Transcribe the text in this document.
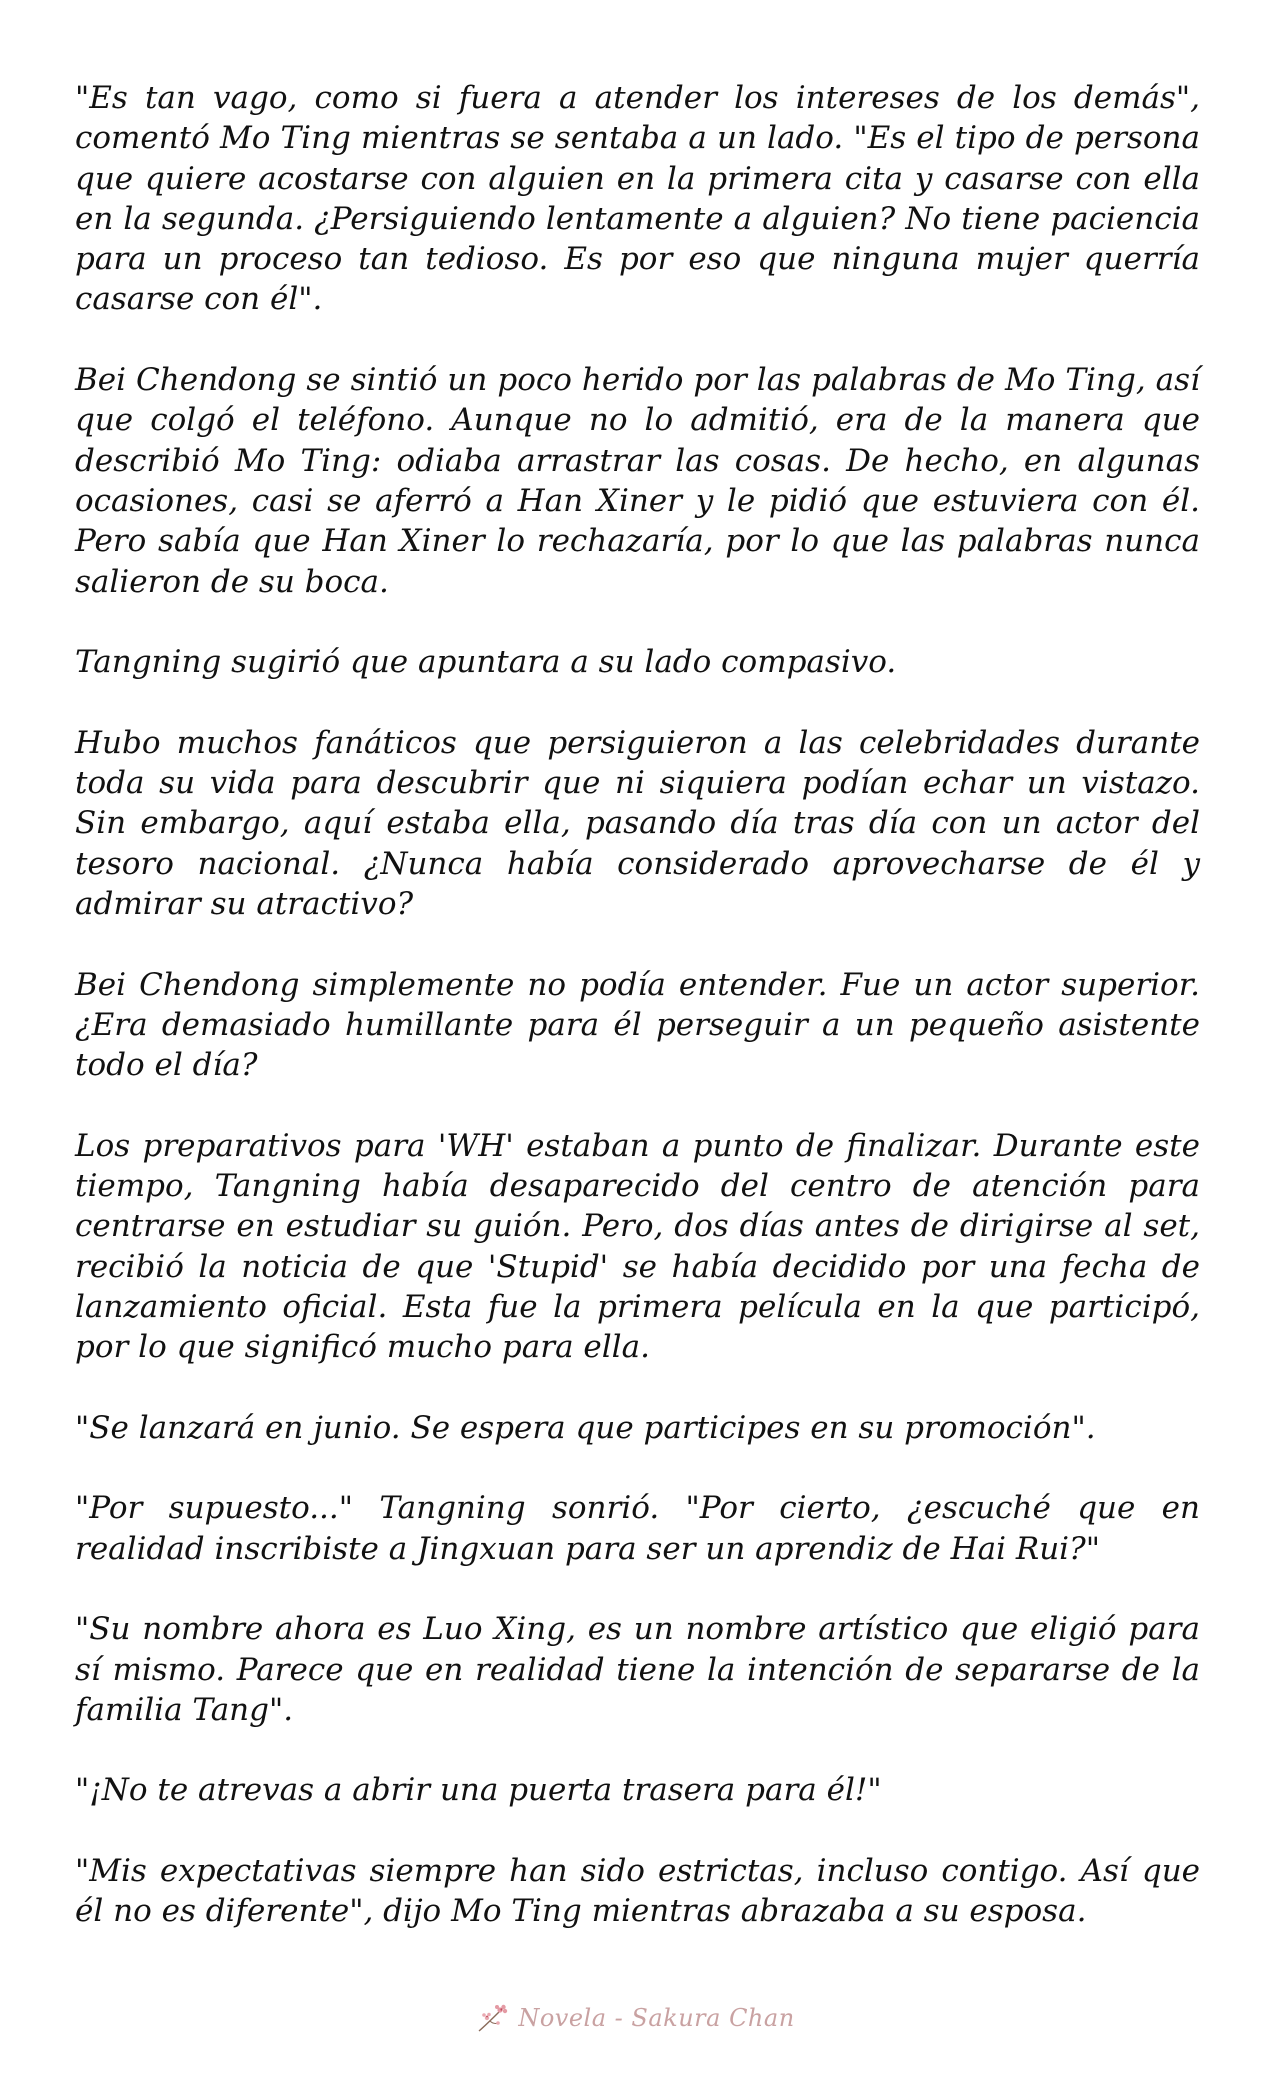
"Es tan vago, como si fuera a atender los intereses de los demás", comentó Mo Ting mientras se sentaba a un lado. "Es el tipo de persona que quiere acostarse con alguien en la primera cita y casarse con ella en la segunda. ¿Persiguiendo lentamente a alguien? No tiene paciencia para un proceso tan tedioso. Es por eso que ninguna mujer querría casarse con él".

Bei Chendong se sintió un poco herido por las palabras de Mo Ting, así que colgó el teléfono. Aunque no lo admitió, era de la manera que describió Mo Ting: odiaba arrastrar las cosas. De hecho, en algunas ocasiones, casi se aferró a Han Xiner y le pidió que estuviera con él. Pero sabía que Han Xiner lo rechazaría, por lo que las palabras nunca salieron de su boca.

Tangning sugirió que apuntara a su lado compasivo.

Hubo muchos fanáticos que persiguieron a las celebridades durante toda su vida para descubrir que ni siquiera podían echar un vistazo. Sin embargo, aquí estaba ella, pasando día tras día con un actor del tesoro nacional. ¿Nunca había considerado aprovecharse de él y admirar su atractivo?

Bei Chendong simplemente no podía entender. Fue un actor superior. ¿Era demasiado humillante para él perseguir a un pequeño asistente todo el día?

Los preparativos para 'WH' estaban a punto de finalizar. Durante este tiempo, Tangning había desaparecido del centro de atención para centrarse en estudiar su guión. Pero, dos días antes de dirigirse al set, recibió la noticia de que 'Stupid' se había decidido por una fecha de lanzamiento oficial. Esta fue la primera película en la que participó, por lo que significó mucho para ella.

"Se lanzará en junio. Se espera que participes en su promoción".

"Por supuesto..." Tangning sonrió. "Por cierto, ¿escuché que en realidad inscribiste a Jingxuan para ser un aprendiz de Hai Rui?"

"Su nombre ahora es Luo Xing, es un nombre artístico que eligió para sí mismo. Parece que en realidad tiene la intención de separarse de la familia Tang".

"¡No te atrevas a abrir una puerta trasera para él!"

"Mis expectativas siempre han sido estrictas, incluso contigo. Así que él no es diferente", dijo Mo Ting mientras abrazaba a su esposa.

Novela - Sakura Chan
